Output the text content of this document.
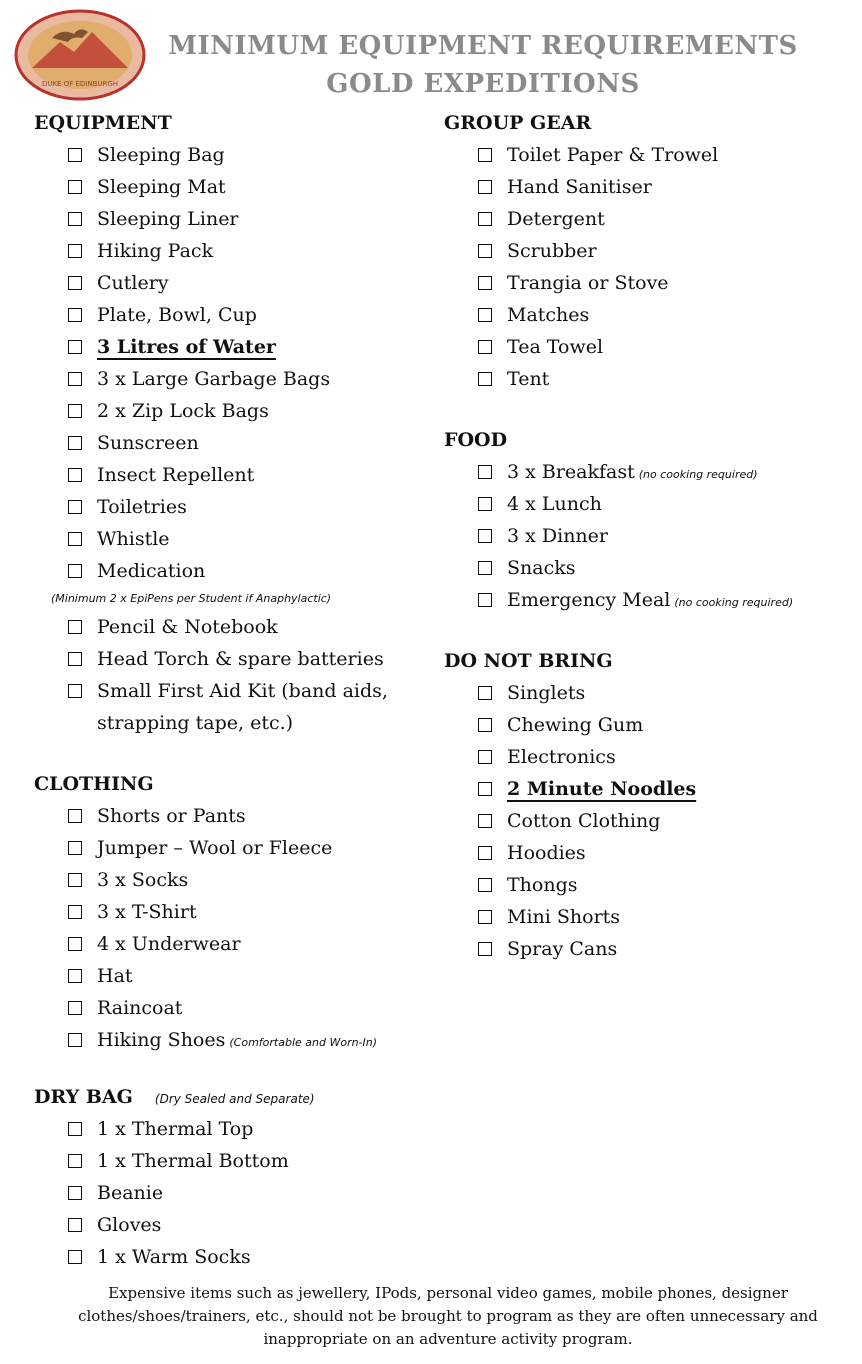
DUKE OF EDINBURGH
MINIMUM EQUIPMENT REQUIREMENTS
GOLD EXPEDITIONS
EQUIPMENT
Sleeping Bag
Sleeping Mat
Sleeping Liner
Hiking Pack
Cutlery
Plate, Bowl, Cup
3 Litres of Water
3 x Large Garbage Bags
2 x Zip Lock Bags
Sunscreen
Insect Repellent
Toiletries
Whistle
Medication
(Minimum 2 x EpiPens per Student if Anaphylactic)
Pencil & Notebook
Head Torch & spare batteries
Small First Aid Kit (band aids, strapping tape, etc.)
CLOTHING
Shorts or Pants
Jumper – Wool or Fleece
3 x Socks
3 x T-Shirt
4 x Underwear
Hat
Raincoat
Hiking Shoes (Comfortable and Worn-In)
DRY BAG (Dry Sealed and Separate)
1 x Thermal Top
1 x Thermal Bottom
Beanie
Gloves
1 x Warm Socks
GROUP GEAR
Toilet Paper & Trowel
Hand Sanitiser
Detergent
Scrubber
Trangia or Stove
Matches
Tea Towel
Tent
FOOD
3 x Breakfast (no cooking required)
4 x Lunch
3 x Dinner
Snacks
Emergency Meal (no cooking required)
DO NOT BRING
Singlets
Chewing Gum
Electronics
2 Minute Noodles
Cotton Clothing
Hoodies
Thongs
Mini Shorts
Spray Cans

Expensive items such as jewellery, IPods, personal video games, mobile phones, designer clothes/shoes/trainers, etc., should not be brought to program as they are often unnecessary and inappropriate on an adventure activity program.
